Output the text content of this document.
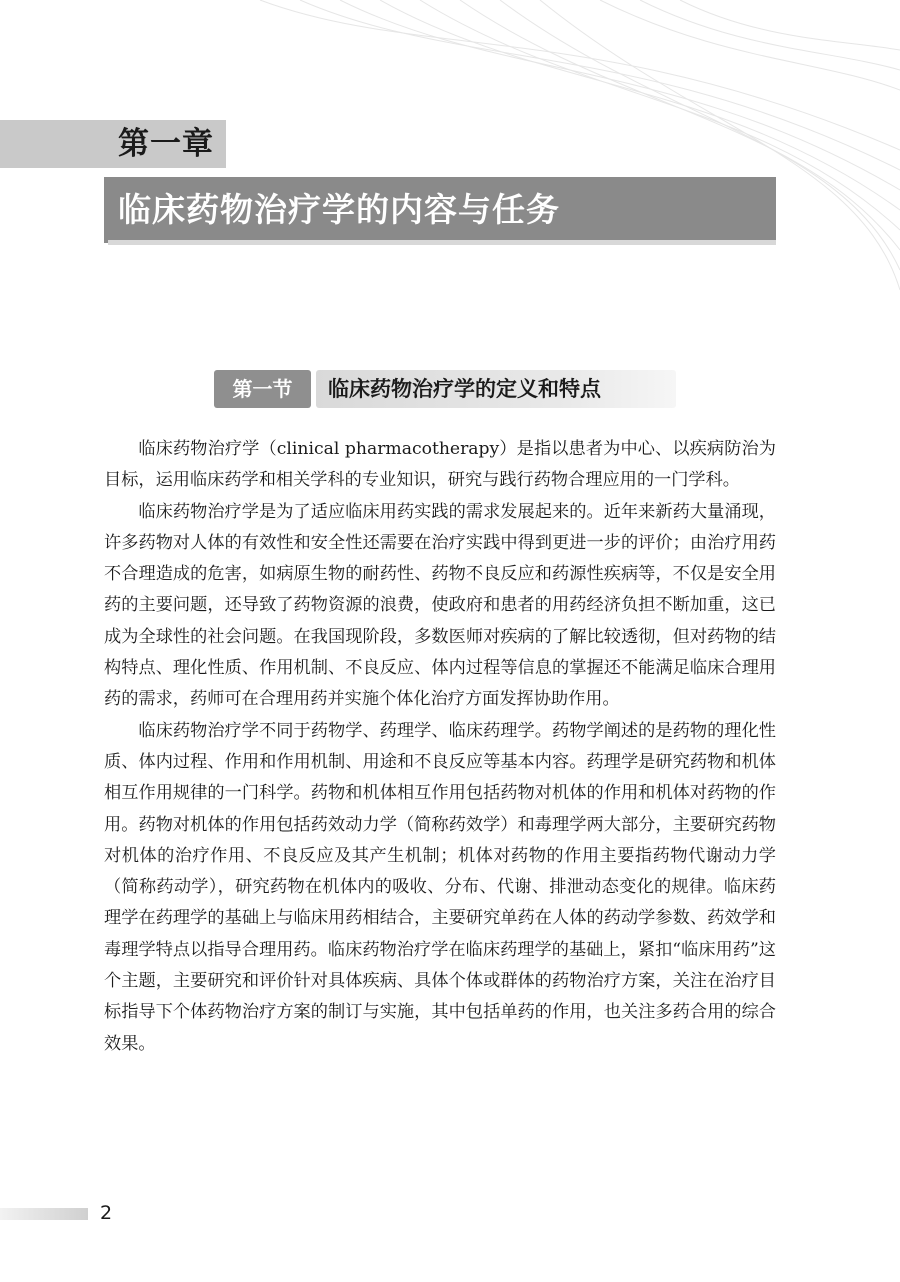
第一章
临床药物治疗学的内容与任务
第一节	临床药物治疗学的定义和特点

临床药物治疗学（clinical pharmacotherapy）是指以患者为中心、以疾病防治为目标，运用临床药学和相关学科的专业知识，研究与践行药物合理应用的一门学科。

临床药物治疗学是为了适应临床用药实践的需求发展起来的。近年来新药大量涌现，许多药物对人体的有效性和安全性还需要在治疗实践中得到更进一步的评价；由治疗用药不合理造成的危害，如病原生物的耐药性、药物不良反应和药源性疾病等，不仅是安全用药的主要问题，还导致了药物资源的浪费，使政府和患者的用药经济负担不断加重，这已成为全球性的社会问题。在我国现阶段，多数医师对疾病的了解比较透彻，但对药物的结构特点、理化性质、作用机制、不良反应、体内过程等信息的掌握还不能满足临床合理用药的需求，药师可在合理用药并实施个体化治疗方面发挥协助作用。

临床药物治疗学不同于药物学、药理学、临床药理学。药物学阐述的是药物的理化性质、体内过程、作用和作用机制、用途和不良反应等基本内容。药理学是研究药物和机体相互作用规律的一门科学。药物和机体相互作用包括药物对机体的作用和机体对药物的作用。药物对机体的作用包括药效动力学（简称药效学）和毒理学两大部分，主要研究药物对机体的治疗作用、不良反应及其产生机制；机体对药物的作用主要指药物代谢动力学（简称药动学），研究药物在机体内的吸收、分布、代谢、排泄动态变化的规律。临床药理学在药理学的基础上与临床用药相结合，主要研究单药在人体的药动学参数、药效学和毒理学特点以指导合理用药。临床药物治疗学在临床药理学的基础上，紧扣“临床用药”这个主题，主要研究和评价针对具体疾病、具体个体或群体的药物治疗方案，关注在治疗目标指导下个体药物治疗方案的制订与实施，其中包括单药的作用，也关注多药合用的综合效果。

2
